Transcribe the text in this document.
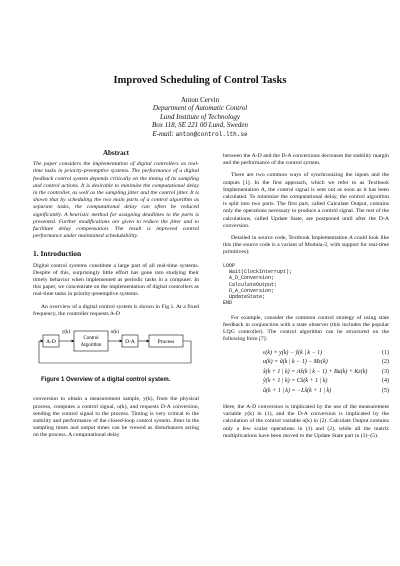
Improved Scheduling of Control Tasks
Anton Cervin
Department of Automatic Control
Lund Institute of Technology
Box 118, SE 221 00 Lund, Sweden
E-mail: anton@control.lth.se
Abstract

The paper considers the implementation of digital controllers as real-time tasks in priority-preemptive systems. The performance of a digital feedback control system depends critically on the timing of its sampling and control actions. It is desirable to minimize the computational delay in the controller, as well as the sampling jitter and the control jitter. It is shown that by scheduling the two main parts of a control algorithm as separate tasks, the computational delay can often be reduced significantly. A heuristic method for assigning deadlines to the parts is presented. Further modifications are given to reduce the jitter and to facilitate delay compensation. The result is improved control performance under maintained schedulability.

1. Introduction

Digital control systems constitute a large part of all real-time systems. Despite of this, surprisingly little effort has gone into studying their timely behavior when implemented as periodic tasks in a computer. In this paper, we concentrate on the implementation of digital controllers as real-time tasks in priority-preemptive systems.

An overview of a digital control system is shown in Fig.1. At a fixed frequency, the controller requests A-D

A-D
y(k)
Control
Algorithm
u(k)
D-A	Process
Figure 1 Overview of a digital control system.

conversion to obtain a measurement sample, y(k), from the physical process, computes a control signal, u(k), and requests D-A conversion, sending the control signal to the process. Timing is very critical to the stability and performance of the closed-loop control system. Jitter in the sampling times and output times can be viewed as disturbances acting on the process. A computational delay

between the A-D and the D-A conversions decreases the stability margin and the performance of the control system.

There are two common ways of synchronizing the inputs and the outputs [1]. In the first approach, which we refer to as Textbook Implementation A, the control signal is sent out as soon as it has been calculated. To minimize the computational delay, the control algorithm is split into two parts. The first part, called Calculate Output, contains only the operations necessary to produce a control signal. The rest of the calculations, called Update State, are postponed until after the D-A conversion.

Detailed in source code, Textbook Implementation A could look like this (the source code is a variant of Modula-2, with support for real-time primitives):

LOOP
Wait(ClockInterrupt);
A_D_Conversion;
CalculateOutput;
D_A_Conversion;
UpdateState;
END

For example, consider the common control strategy of using state feedback in conjunction with a state observer (this includes the popular LQG controller). The control algorithm can be structured on the following form [7]:

ε(k) = y(k) − ŷ(k | k − 1)	(1)
u(k) = ũ(k | k − 1) − Mε(k)	(2)
x̂(k + 1 | k) = Ax̂(k | k − 1) + Bu(k) + Kε(k) (3)
ŷ(k + 1 | k) = Cx̂(k + 1 | k)	(4)
ũ(k + 1 | k) = −Lx̂(k + 1 | k)	(5)

Here, the A-D conversion is implicated by the use of the measurement variable y(k) in (1), and the D-A conversion is implicated by the calculation of the control variable u(k) in (2). Calculate Output contains only a few scalar operations in (1) and (2), while all the matrix multiplications have been moved to the Update State part in (3)–(5).
